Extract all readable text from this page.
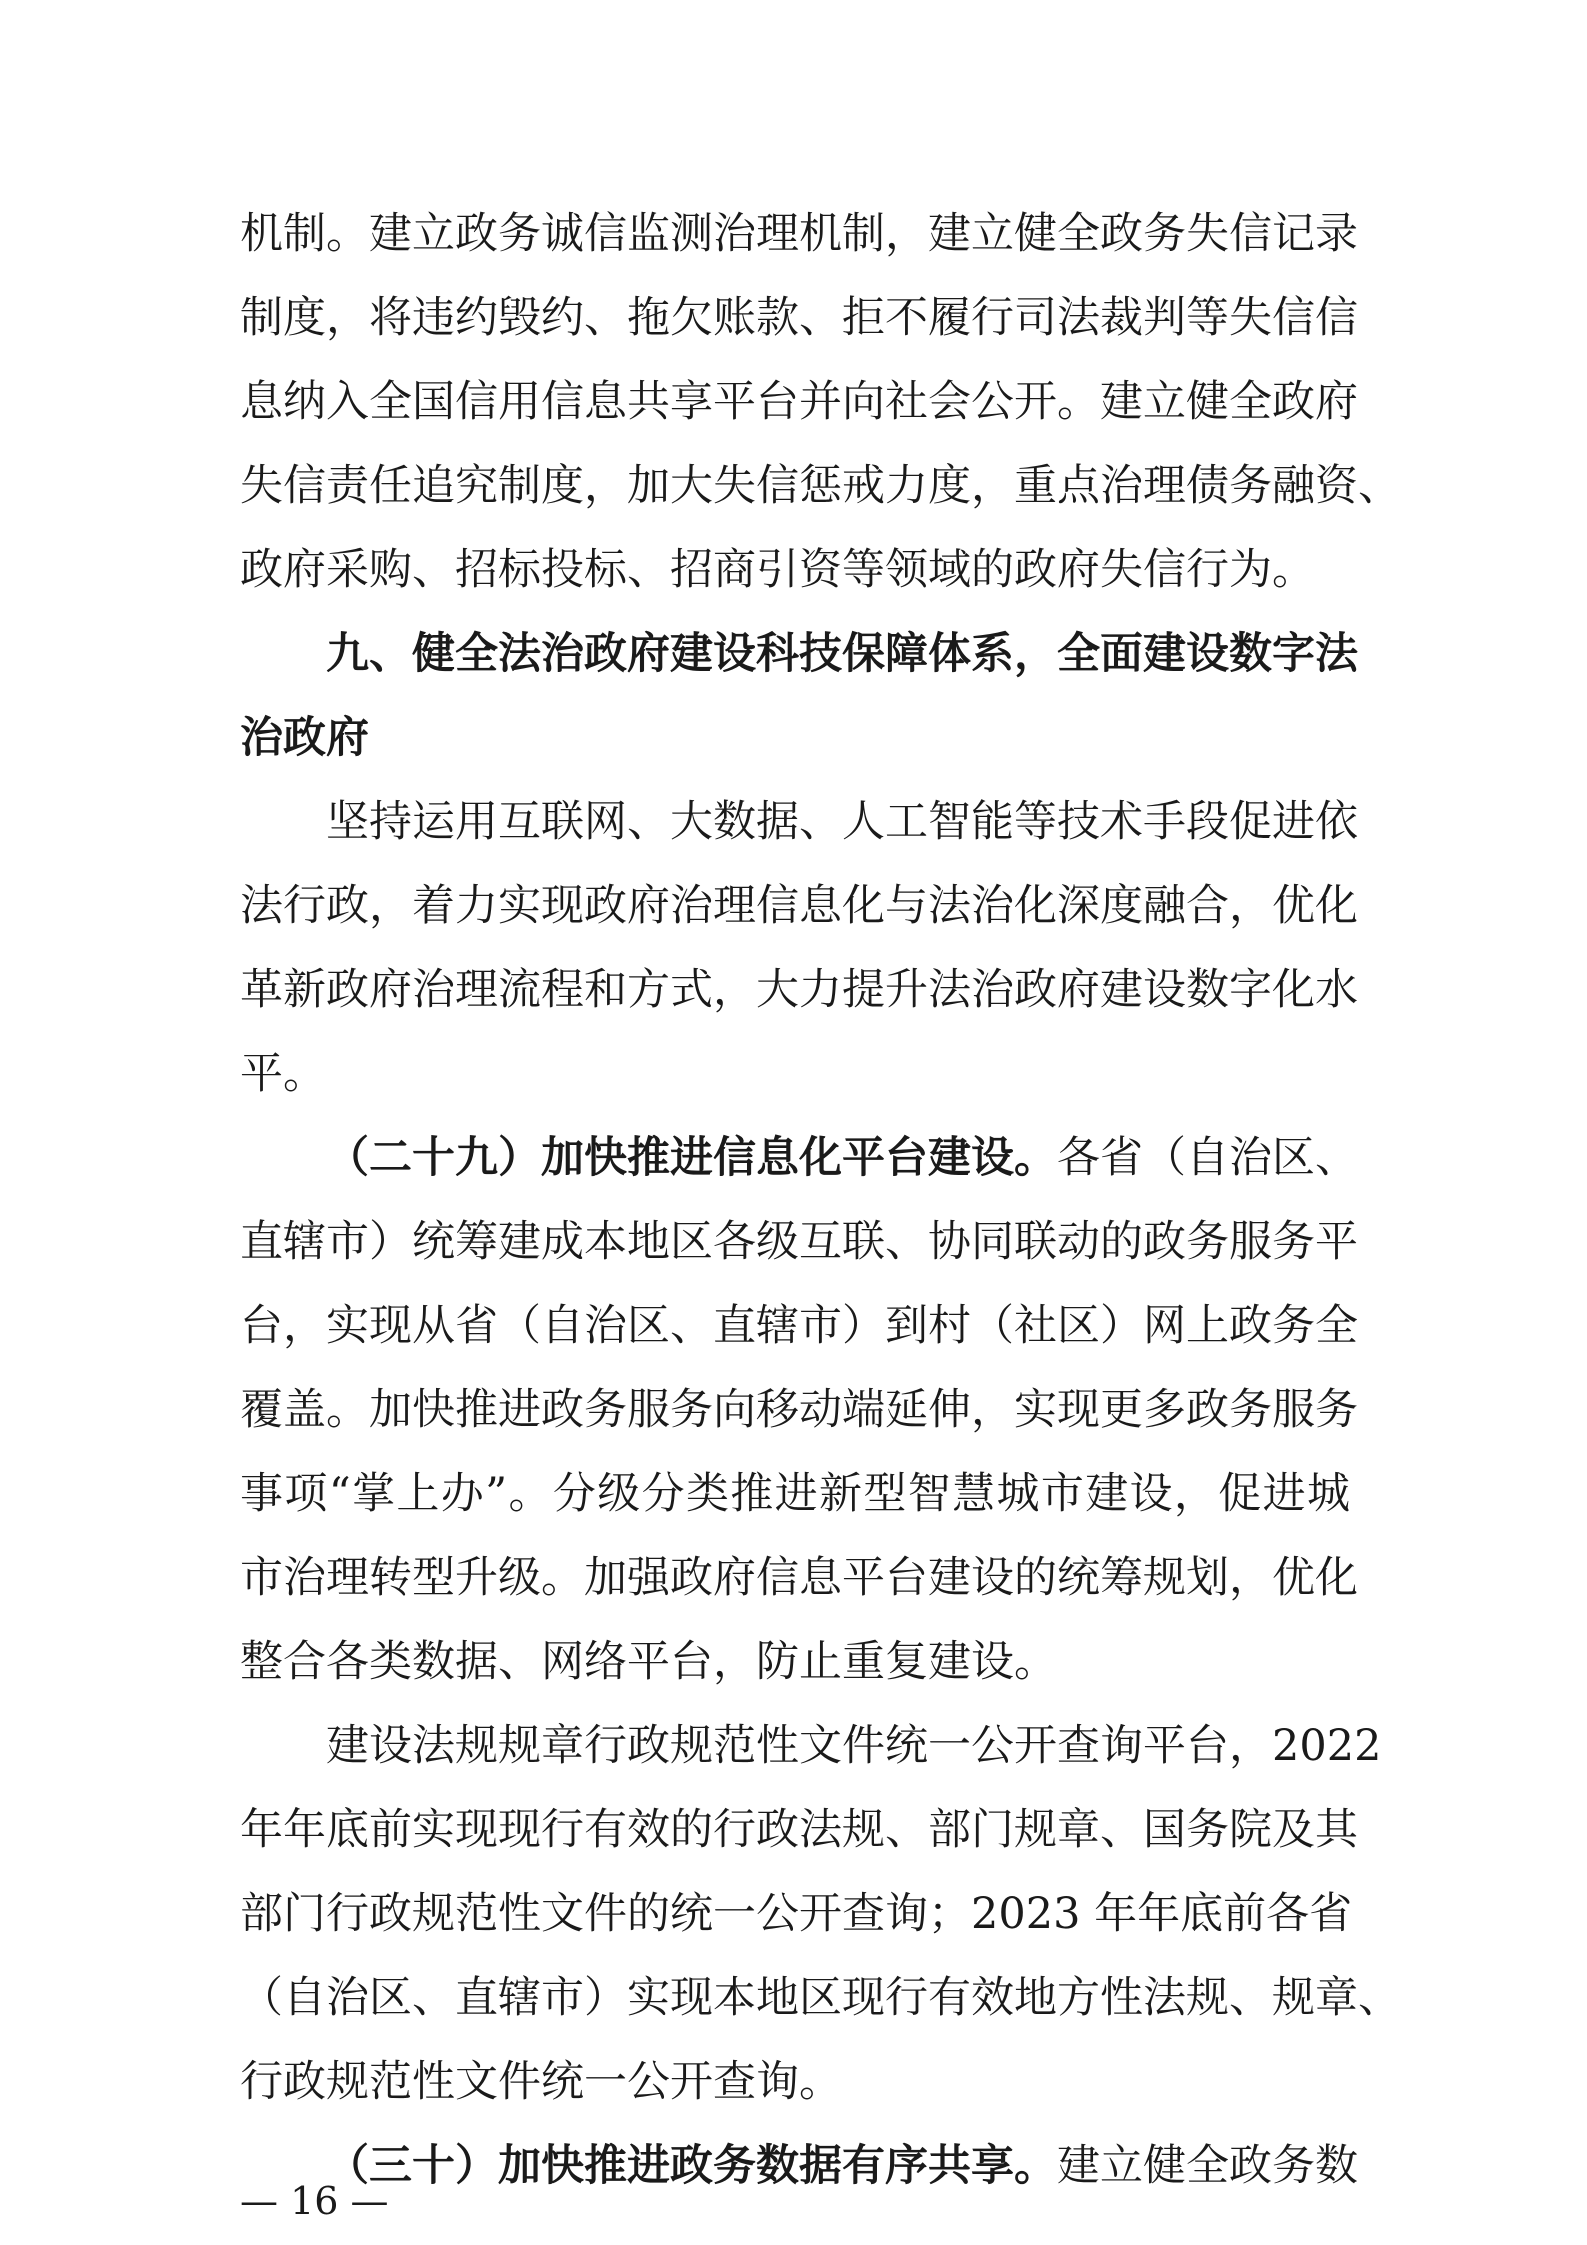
机制。建立政务诚信监测治理机制，建立健全政务失信记录
制度，将违约毁约、拖欠账款、拒不履行司法裁判等失信信
息纳入全国信用信息共享平台并向社会公开。建立健全政府
失信责任追究制度，加大失信惩戒力度，重点治理债务融资、
政府采购、招标投标、招商引资等领域的政府失信行为。
九、健全法治政府建设科技保障体系，全面建设数字法
治政府
坚持运用互联网、大数据、人工智能等技术手段促进依
法行政，着力实现政府治理信息化与法治化深度融合，优化
革新政府治理流程和方式，大力提升法治政府建设数字化水
平。
（二十九）加快推进信息化平台建设。各省（自治区、
直辖市）统筹建成本地区各级互联、协同联动的政务服务平
台，实现从省（自治区、直辖市）到村（社区）网上政务全
覆盖。加快推进政务服务向移动端延伸，实现更多政务服务
事项“掌上办”。分级分类推进新型智慧城市建设，促进城
市治理转型升级。加强政府信息平台建设的统筹规划，优化
整合各类数据、网络平台，防止重复建设。
建设法规规章行政规范性文件统一公开查询平台，2022
年年底前实现现行有效的行政法规、部门规章、国务院及其
部门行政规范性文件的统一公开查询；2023 年年底前各省
（自治区、直辖市）实现本地区现行有效地方性法规、规章、
行政规范性文件统一公开查询。
（三十）加快推进政务数据有序共享。建立健全政务数
— 16 —
